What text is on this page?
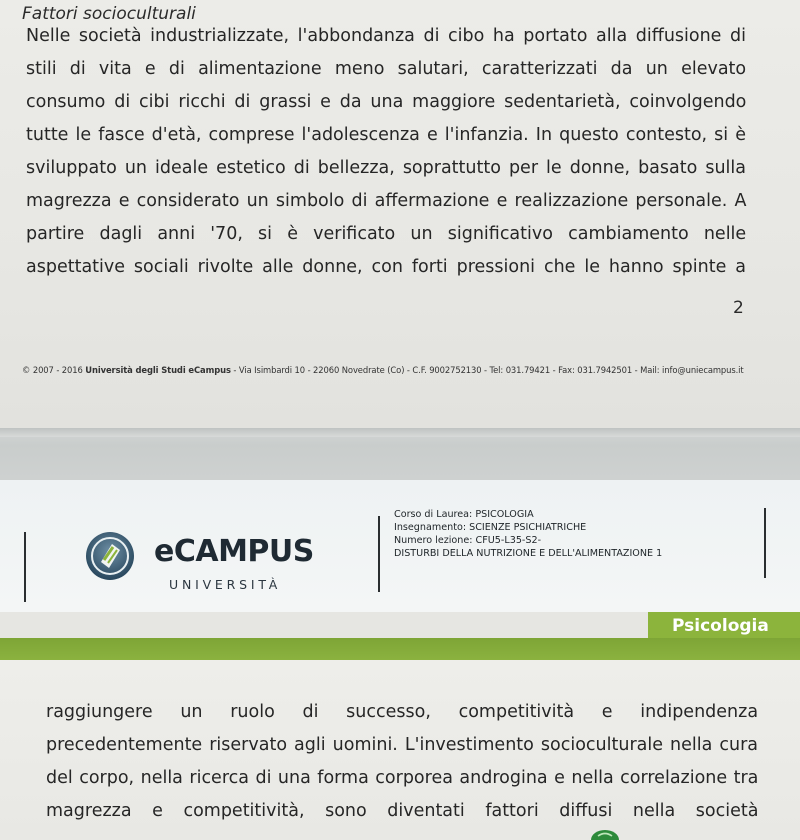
Fattori socioculturali
Nelle società industrializzate, l'abbondanza di cibo ha portato alla diffusione di
stili di vita e di alimentazione meno salutari, caratterizzati da un elevato
consumo di cibi ricchi di grassi e da una maggiore sedentarietà, coinvolgendo
tutte le fasce d'età, comprese l'adolescenza e l'infanzia. In questo contesto, si è
sviluppato un ideale estetico di bellezza, soprattutto per le donne, basato sulla
magrezza e considerato un simbolo di affermazione e realizzazione personale. A
partire dagli anni '70, si è verificato un significativo cambiamento nelle
aspettative sociali rivolte alle donne, con forti pressioni che le hanno spinte a
2
© 2007 - 2016 Università degli Studi eCampus - Via Isimbardi 10 - 22060 Novedrate (Co) - C.F. 9002752130 - Tel: 031.79421 - Fax: 031.7942501 - Mail: info@uniecampus.it
eCAMPUS
UNIVERSITÀ
Corso di Laurea: PSICOLOGIA
Insegnamento: SCIENZE PSICHIATRICHE
Numero lezione: CFU5-L35-S2-
DISTURBI DELLA NUTRIZIONE E DELL'ALIMENTAZIONE 1
Psicologia
raggiungere un ruolo di successo, competitività e indipendenza
precedentemente riservato agli uomini. L'investimento socioculturale nella cura
del corpo, nella ricerca di una forma corporea androgina e nella correlazione tra
magrezza e competitività, sono diventati fattori diffusi nella società
